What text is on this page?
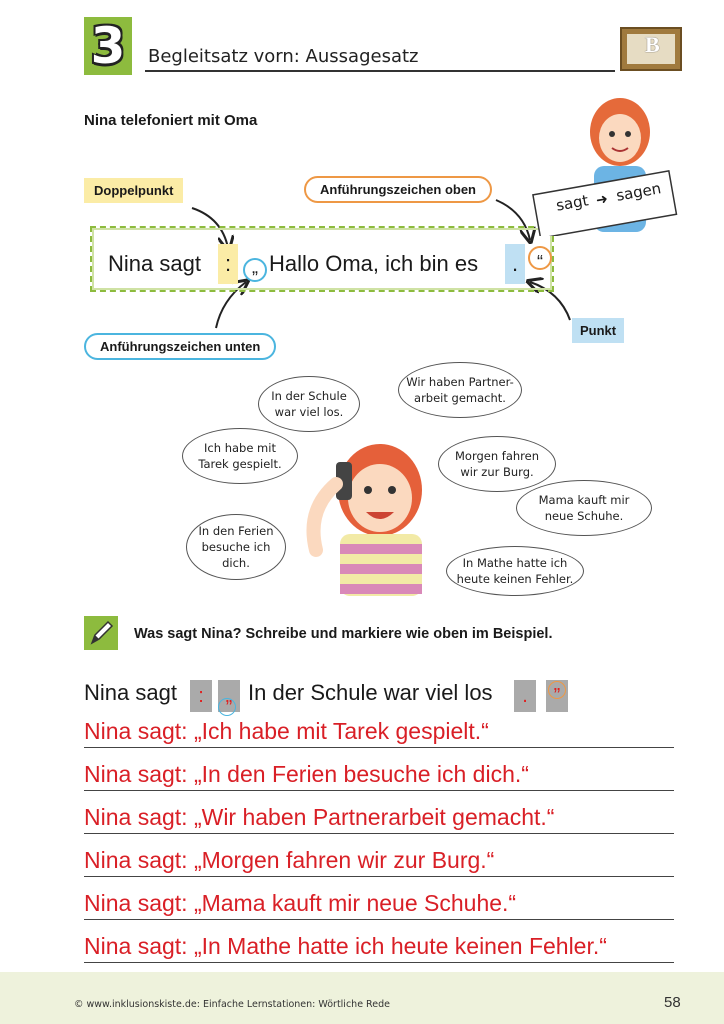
3	Begleitsatz vorn: Aussagesatz	B
Nina telefoniert mit Oma
Doppelpunkt	Anführungszeichen oben
Anführungszeichen unten
Punkt
Nina sagt	:	„ Hallo Oma, ich bin es	.	“
sagt ➜ sagen
In der Schule war viel los.
Wir haben Partner-arbeit gemacht.
Ich habe mit Tarek gespielt.
Morgen fahren wir zur Burg.
Mama kauft mir neue Schuhe.
In den Ferien besuche ich dich.	In Mathe hatte ich heute keinen Fehler.
Was sagt Nina? Schreibe und markiere wie oben im Beispiel.
Nina sagt	:	„ In der Schule war viel los	.	”
Nina sagt: „Ich habe mit Tarek gespielt.“
Nina sagt: „In den Ferien besuche ich dich.“
Nina sagt: „Wir haben Partnerarbeit gemacht.“
Nina sagt: „Morgen fahren wir zur Burg.“
Nina sagt: „Mama kauft mir neue Schuhe.“
Nina sagt: „In Mathe hatte ich heute keinen Fehler.“
© www.inklusionskiste.de: Einfache Lernstationen: Wörtliche Rede	58
